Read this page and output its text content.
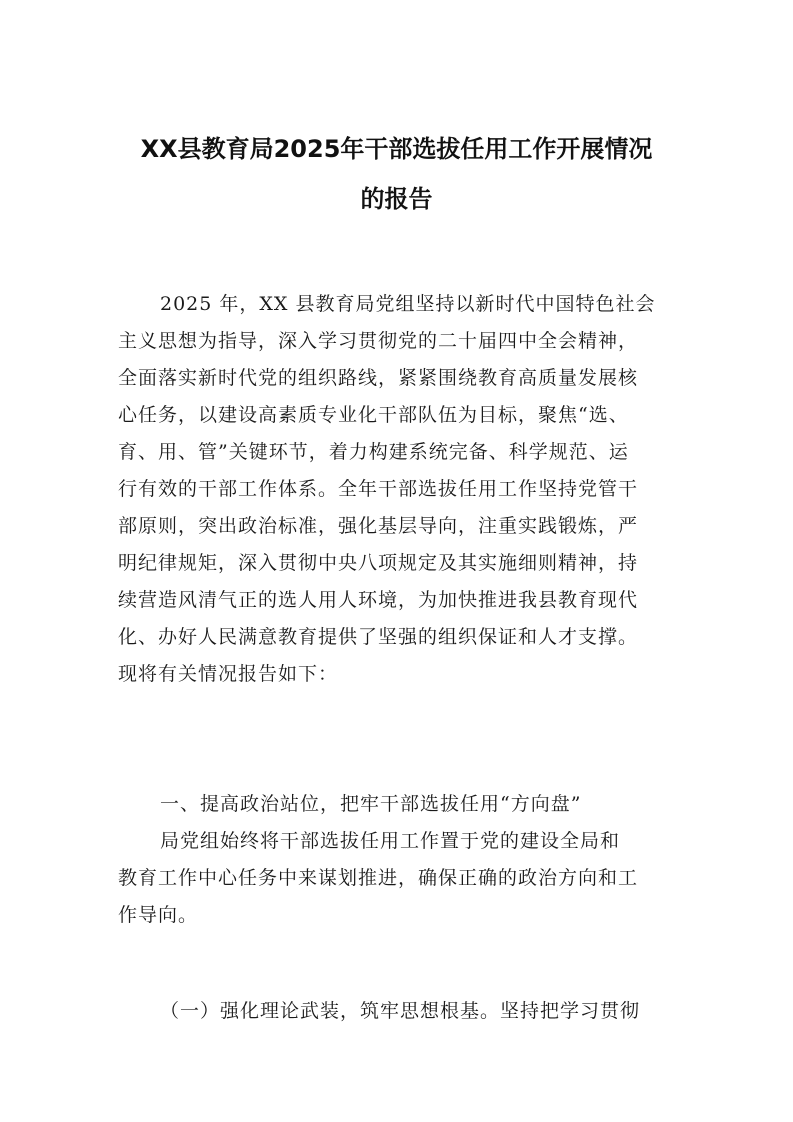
XX县教育局2025年干部选拔任用工作开展情况
的报告
2025 年，XX 县教育局党组坚持以新时代中国特色社会
主义思想为指导，深入学习贯彻党的二十届四中全会精神，
全面落实新时代党的组织路线，紧紧围绕教育高质量发展核
心任务，以建设高素质专业化干部队伍为目标，聚焦“选、
育、用、管”关键环节，着力构建系统完备、科学规范、运
行有效的干部工作体系。全年干部选拔任用工作坚持党管干
部原则，突出政治标准，强化基层导向，注重实践锻炼，严
明纪律规矩，深入贯彻中央八项规定及其实施细则精神，持
续营造风清气正的选人用人环境，为加快推进我县教育现代
化、办好人民满意教育提供了坚强的组织保证和人才支撑。
现将有关情况报告如下：
一、提高政治站位，把牢干部选拔任用“方向盘”
局党组始终将干部选拔任用工作置于党的建设全局和
教育工作中心任务中来谋划推进，确保正确的政治方向和工
作导向。
（一）强化理论武装，筑牢思想根基。坚持把学习贯彻
